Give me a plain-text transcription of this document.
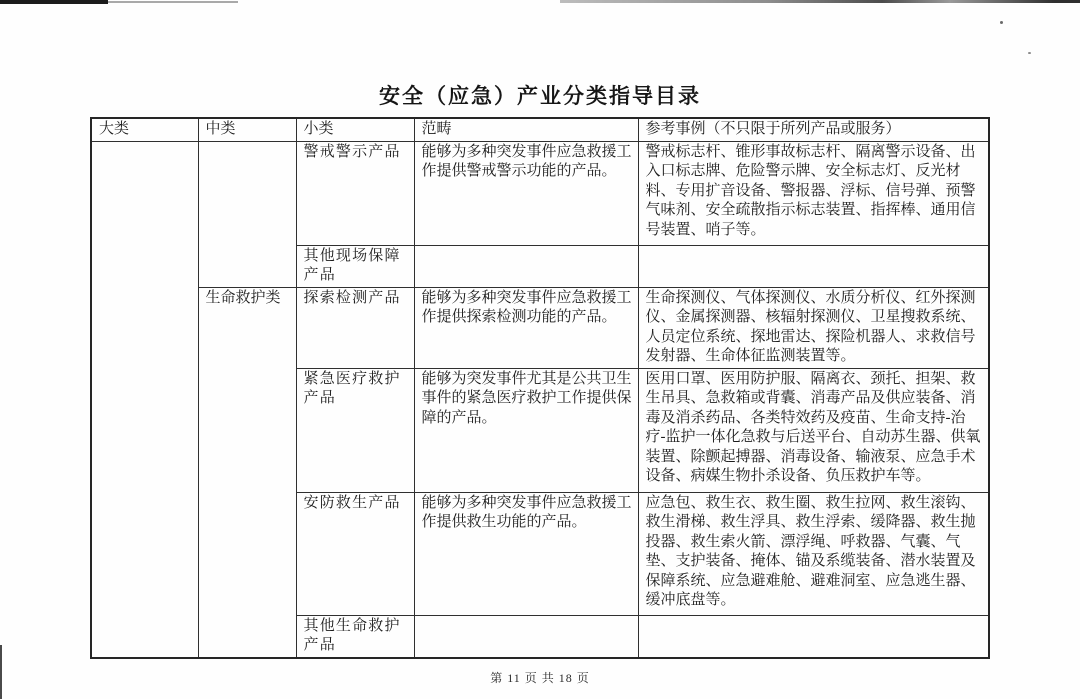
安全（应急）产业分类指导目录
大类	中类	小类	范畴	参考事例（不只限于所列产品或服务）
		警戒警示产品	能够为多种突发事件应急救援工作提供警戒警示功能的产品。	警戒标志杆、锥形事故标志杆、隔离警示设备、出入口标志牌、危险警示牌、安全标志灯、反光材料、专用扩音设备、警报器、浮标、信号弹、预警气味剂、安全疏散指示标志装置、指挥棒、通用信号装置、哨子等。
		其他现场保障产品		
	生命救护类	探索检测产品	能够为多种突发事件应急救援工作提供探索检测功能的产品。	生命探测仪、气体探测仪、水质分析仪、红外探测仪、金属探测器、核辐射探测仪、卫星搜救系统、人员定位系统、探地雷达、探险机器人、求救信号发射器、生命体征监测装置等。
		紧急医疗救护产品	能够为突发事件尤其是公共卫生事件的紧急医疗救护工作提供保障的产品。	医用口罩、医用防护服、隔离衣、颈托、担架、救生吊具、急救箱或背囊、消毒产品及供应装备、消毒及消杀药品、各类特效药及疫苗、生命支持-治疗-监护一体化急救与后送平台、自动苏生器、供氧装置、除颤起搏器、消毒设备、输液泵、应急手术设备、病媒生物扑杀设备、负压救护车等。
		安防救生产品	能够为多种突发事件应急救援工作提供救生功能的产品。	应急包、救生衣、救生圈、救生拉网、救生滚钩、救生滑梯、救生浮具、救生浮索、缓降器、救生抛投器、救生索火箭、漂浮绳、呼救器、气囊、气垫、支护装备、掩体、锚及系缆装备、潜水装置及保障系统、应急避难舱、避难洞室、应急逃生器、缓冲底盘等。
		其他生命救护产品		
第 11 页 共 18 页
